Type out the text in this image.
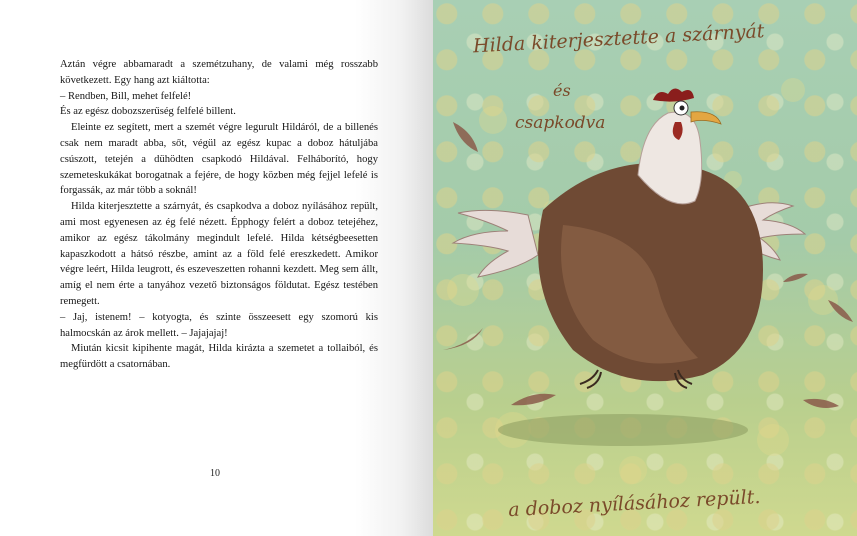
Aztán végre abbamaradt a szemétzuhany, de valami még rosszabb következett. Egy hang azt kiáltotta:

– Rendben, Bill, mehet felfelé!

És az egész dobozszerűség felfelé billent.

Eleinte ez segített, mert a szemét végre legurult Hildáról, de a billenés csak nem maradt abba, sőt, végül az egész kupac a doboz hátuljába csúszott, tetején a dühödten csapkodó Hildával. Felháborító, hogy szemeteskukákat borogatnak a fejére, de hogy közben még fejjel lefelé is forgassák, az már több a soknál!

Hilda kiterjesztette a szárnyát, és csapkodva a doboz nyílásához repült, ami most egyenesen az ég felé nézett. Épphogy felért a doboz tetejéhez, amikor az egész tákolmány megindult lefelé. Hilda kétségbeesetten kapaszkodott a hátsó részbe, amint az a föld felé ereszkedett. Amikor végre leért, Hilda leugrott, és eszeveszetten rohanni kezdett. Meg sem állt, amíg el nem érte a tanyához vezető biztonságos földutat. Egész testében remegett.

– Jaj, istenem! – kotyogta, és szinte összeesett egy szomorú kis halmocskán az árok mellett. – Jajajajaj!

Miután kicsit kipihente magát, Hilda kirázta a szemetet a tollaiból, és megfürdött a csatornában.

10
Hilda kiterjesztette a szárnyát
és
csapkodva
a doboz nyílásához repült.
